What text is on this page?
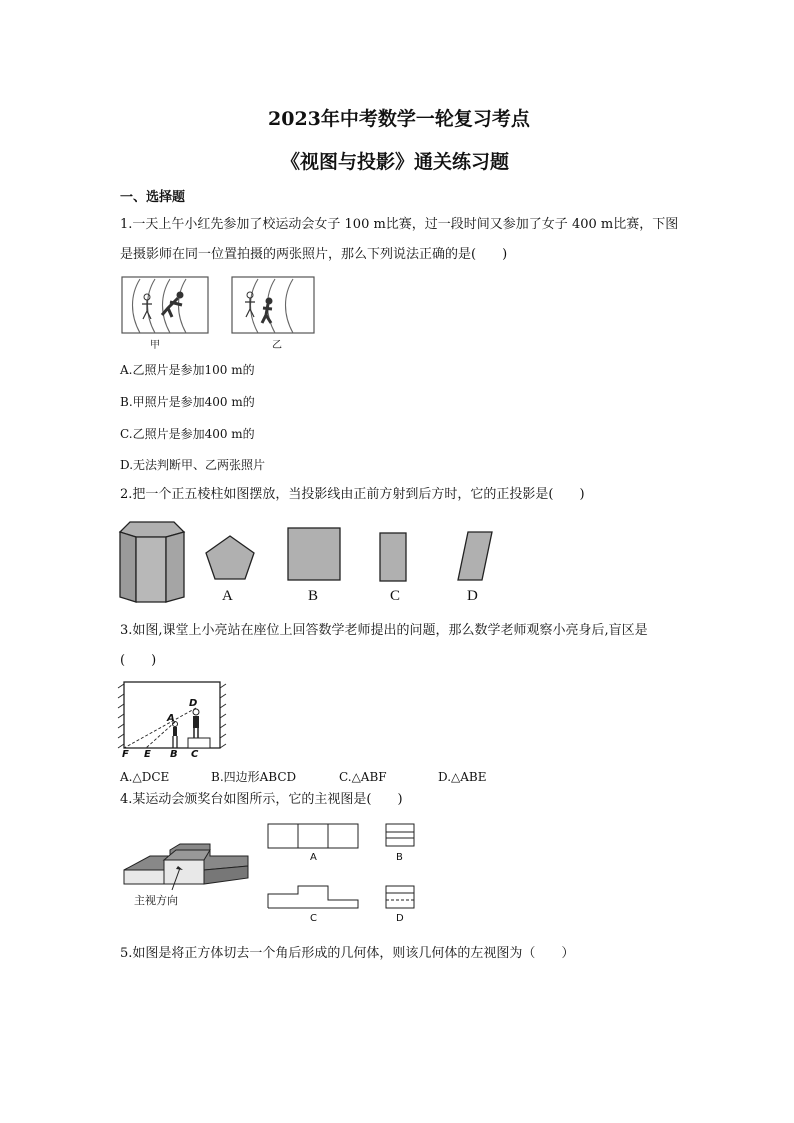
2023年中考数学一轮复习考点
《视图与投影》通关练习题
一、选择题
1.一天上午小红先参加了校运动会女子 100 m比赛，过一段时间又参加了女子 400 m比赛，下图
是摄影师在同一位置拍摄的两张照片，那么下列说法正确的是(　　)
甲	乙
A.乙照片是参加100 m的
B.甲照片是参加400 m的
C.乙照片是参加400 m的
D.无法判断甲、乙两张照片
2.把一个正五棱柱如图摆放，当投影线由正前方射到后方时，它的正投影是(　　)
A	B	C	D
3.如图,课堂上小亮站在座位上回答数学老师提出的问题，那么数学老师观察小亮身后,盲区是
(　　)
D
A
F E B C
A.△DCE	B.四边形ABCD	C.△ABF	D.△ABE
4.某运动会颁奖台如图所示，它的主视图是(　　)
主视方向
A	B
C	D
5.如图是将正方体切去一个角后形成的几何体，则该几何体的左视图为（　　）
